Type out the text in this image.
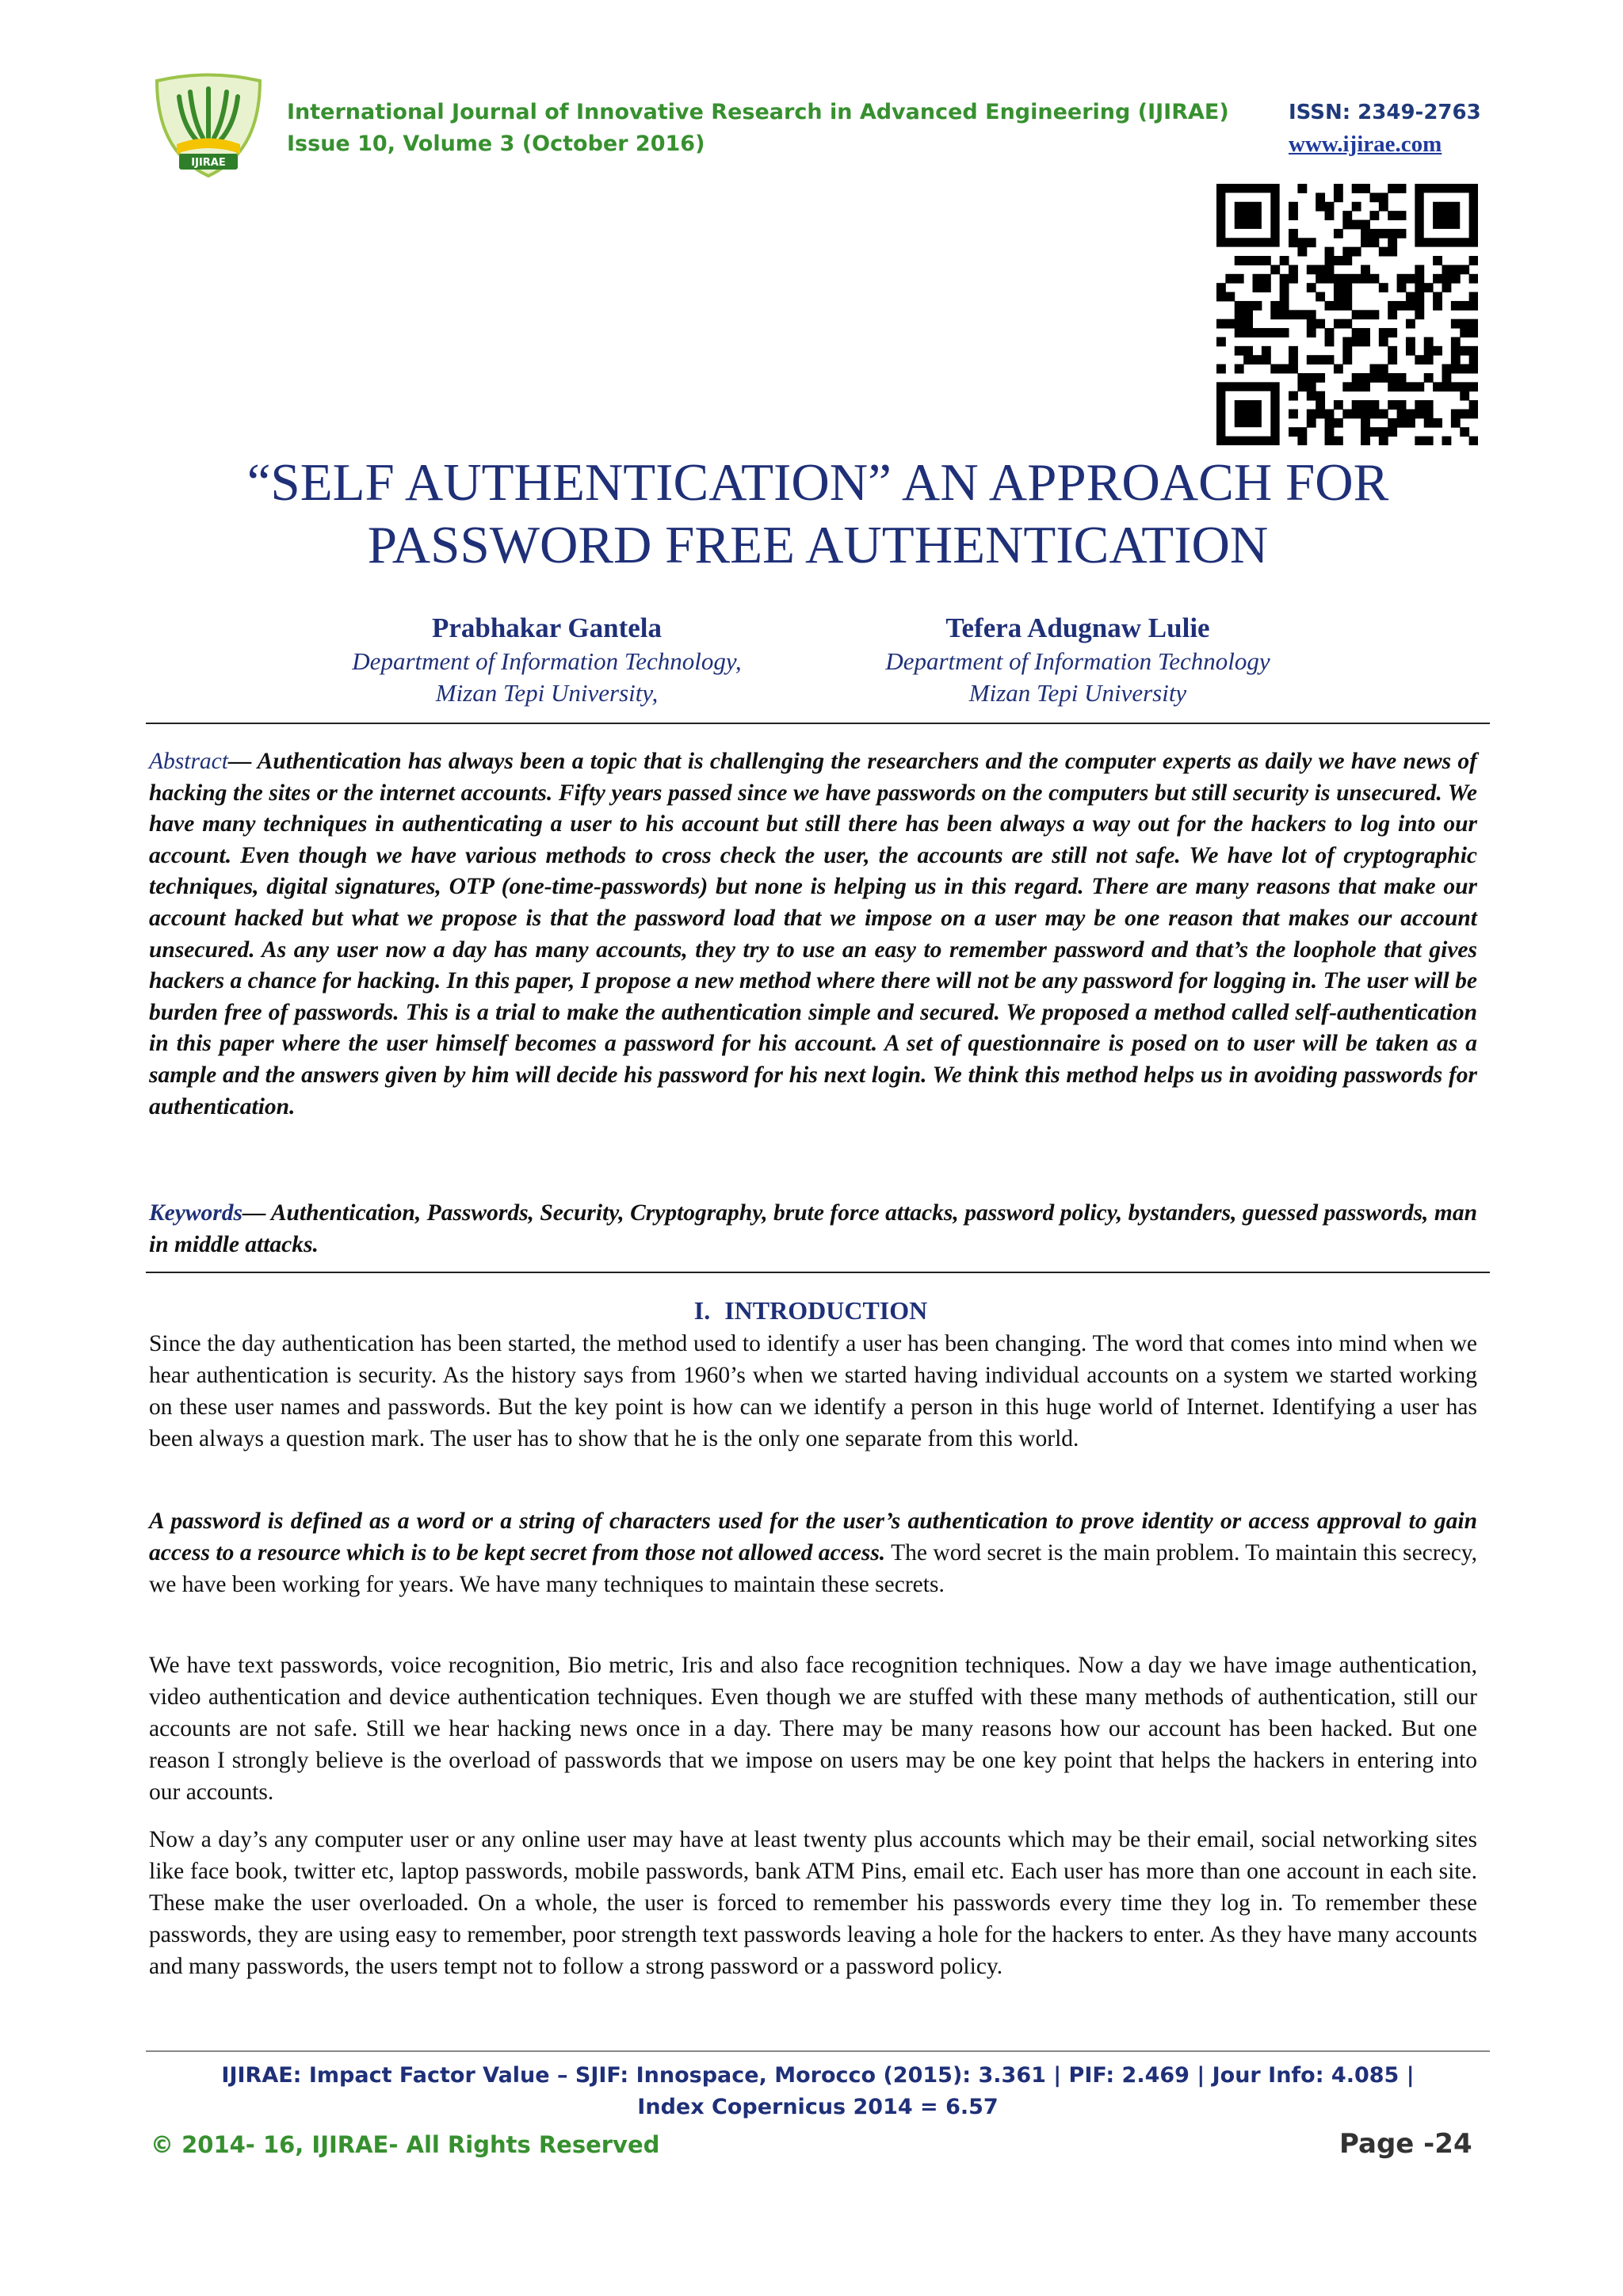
IJIRAE
International Journal of Innovative Research in Advanced Engineering (IJIRAE)
Issue 10, Volume 3 (October 2016)
ISSN: 2349-2763
www.ijirae.com
“SELF AUTHENTICATION” AN APPROACH FOR
PASSWORD FREE AUTHENTICATION
Prabhakar Gantela
Department of Information Technology,
Mizan Tepi University,
Tefera Adugnaw Lulie
Department of Information Technology
Mizan Tepi University
Abstract— Authentication has always been a topic that is challenging the researchers and the computer experts as daily we have news of hacking the sites or the internet accounts. Fifty years passed since we have passwords on the computers but still security is unsecured. We have many techniques in authenticating a user to his account but still there has been always a way out for the hackers to log into our account. Even though we have various methods to cross check the user, the accounts are still not safe. We have lot of cryptographic techniques, digital signatures, OTP (one-time-passwords) but none is helping us in this regard. There are many reasons that make our account hacked but what we propose is that the password load that we impose on a user may be one reason that makes our account unsecured. As any user now a day has many accounts, they try to use an easy to remember password and that’s the loophole that gives hackers a chance for hacking. In this paper, I propose a new method where there will not be any password for logging in. The user will be burden free of passwords. This is a trial to make the authentication simple and secured. We proposed a method called self-authentication in this paper where the user himself becomes a password for his account. A set of questionnaire is posed on to user will be taken as a sample and the answers given by him will decide his password for his next login. We think this method helps us in avoiding passwords for authentication.
Keywords— Authentication, Passwords, Security, Cryptography, brute force attacks, password policy, bystanders, guessed passwords, man in middle attacks.
I. INTRODUCTION
Since the day authentication has been started, the method used to identify a user has been changing. The word that comes into mind when we hear authentication is security. As the history says from 1960’s when we started having individual accounts on a system we started working on these user names and passwords. But the key point is how can we identify a person in this huge world of Internet. Identifying a user has been always a question mark. The user has to show that he is the only one separate from this world.
A password is defined as a word or a string of characters used for the user’s authentication to prove identity or access approval to gain access to a resource which is to be kept secret from those not allowed access. The word secret is the main problem. To maintain this secrecy, we have been working for years. We have many techniques to maintain these secrets.
We have text passwords, voice recognition, Bio metric, Iris and also face recognition techniques. Now a day we have image authentication, video authentication and device authentication techniques. Even though we are stuffed with these many methods of authentication, still our accounts are not safe. Still we hear hacking news once in a day. There may be many reasons how our account has been hacked. But one reason I strongly believe is the overload of passwords that we impose on users may be one key point that helps the hackers in entering into our accounts.
Now a day’s any computer user or any online user may have at least twenty plus accounts which may be their email, social networking sites like face book, twitter etc, laptop passwords, mobile passwords, bank ATM Pins, email etc. Each user has more than one account in each site. These make the user overloaded. On a whole, the user is forced to remember his passwords every time they log in. To remember these passwords, they are using easy to remember, poor strength text passwords leaving a hole for the hackers to enter. As they have many accounts and many passwords, the users tempt not to follow a strong password or a password policy.
IJIRAE: Impact Factor Value – SJIF: Innospace, Morocco (2015): 3.361 | PIF: 2.469 | Jour Info: 4.085 |
Index Copernicus 2014 = 6.57
© 2014- 16, IJIRAE- All Rights Reserved	Page -24
